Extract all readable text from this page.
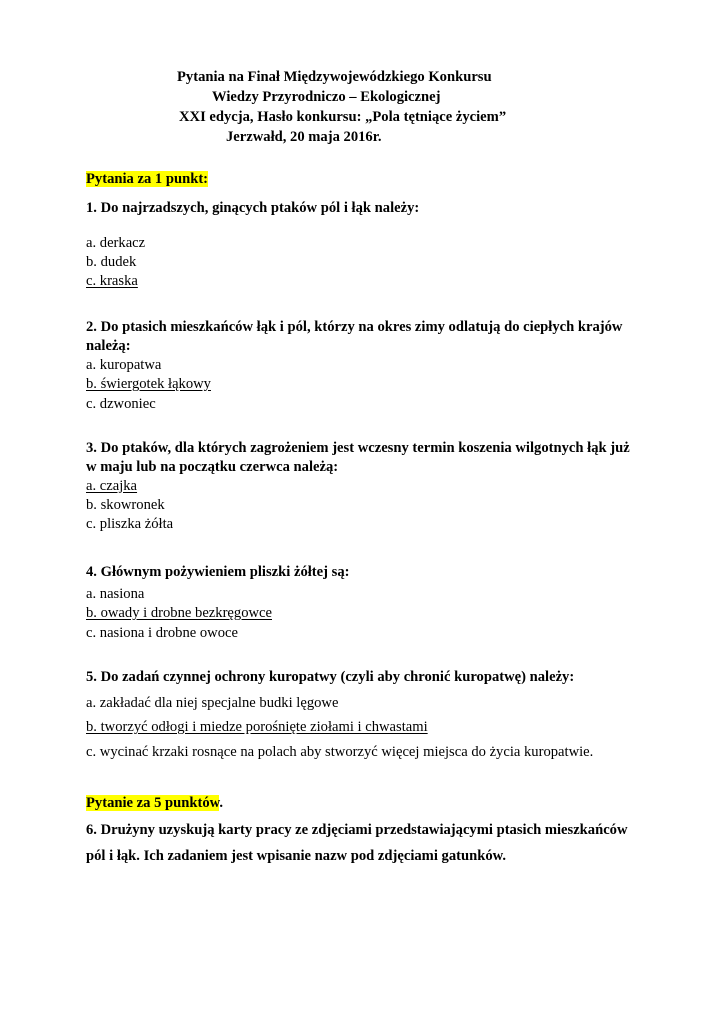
Pytania na Finał Międzywojewódzkiego Konkursu
Wiedzy Przyrodniczo – Ekologicznej
XXI edycja, Hasło konkursu: „Pola tętniące życiem”
Jerzwałd, 20 maja 2016r.
Pytania za 1 punkt:
1. Do najrzadszych, ginących ptaków pól i łąk należy:
a. derkacz
b. dudek
c. kraska
2. Do ptasich mieszkańców łąk i pól, którzy na okres zimy odlatują do ciepłych krajów
należą:
a. kuropatwa
b. świergotek łąkowy
c. dzwoniec
3. Do ptaków, dla których zagrożeniem jest wczesny termin koszenia wilgotnych łąk już
w maju lub na początku czerwca należą:
a. czajka
b. skowronek
c. pliszka żółta
4. Głównym pożywieniem pliszki żółtej są:
a. nasiona
b. owady i drobne bezkręgowce
c. nasiona i drobne owoce
5. Do zadań czynnej ochrony kuropatwy (czyli aby chronić kuropatwę) należy:
a. zakładać dla niej specjalne budki lęgowe
b. tworzyć odłogi i miedze porośnięte ziołami i chwastami
c. wycinać krzaki rosnące na polach aby stworzyć więcej miejsca do życia kuropatwie.
Pytanie za 5 punktów.
6. Drużyny uzyskują karty pracy ze zdjęciami przedstawiającymi ptasich mieszkańców
pól i łąk. Ich zadaniem jest wpisanie nazw pod zdjęciami gatunków.
